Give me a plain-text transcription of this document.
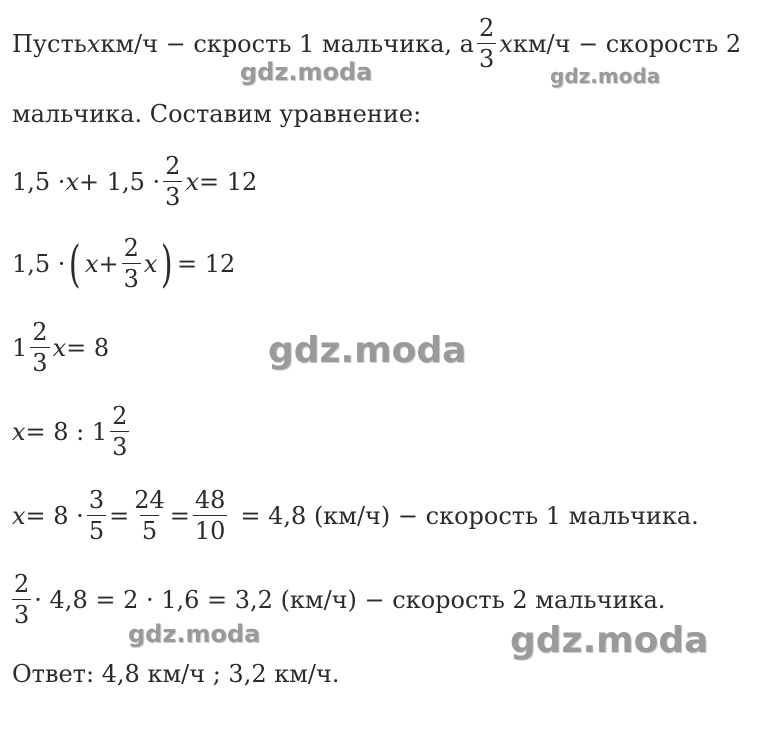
Пусть x км/ч − скрость 1 мальчика, а $\frac{2}{3}$ x км/ч − скорость 2
мальчика. Составим уравнение:
$1,5 \cdot x + 1,5 \cdot \frac{2}{3}$ x = 12
1,5 · ( $x + \frac{2}{3}$ x ) = 12
$1 \frac{2}{3}$ x = 8
x = 8 : $1 \frac{2}{3}$
$x = 8 \cdot \frac{3}{5} = \frac{24}{5} = \frac{48}{10} = 4,8$ (км/ч) − скорость 1 мальчика.
$\frac{2}{3} \cdot 4,8 = 2 \cdot 1,6 = 3,2$ (км/ч) − скорость 2 мальчика.
Ответ: 4,8 км/ч ; 3,2 км/ч.
gdz.moda	gdz.moda
gdz.moda
gdz.moda	gdz.moda
